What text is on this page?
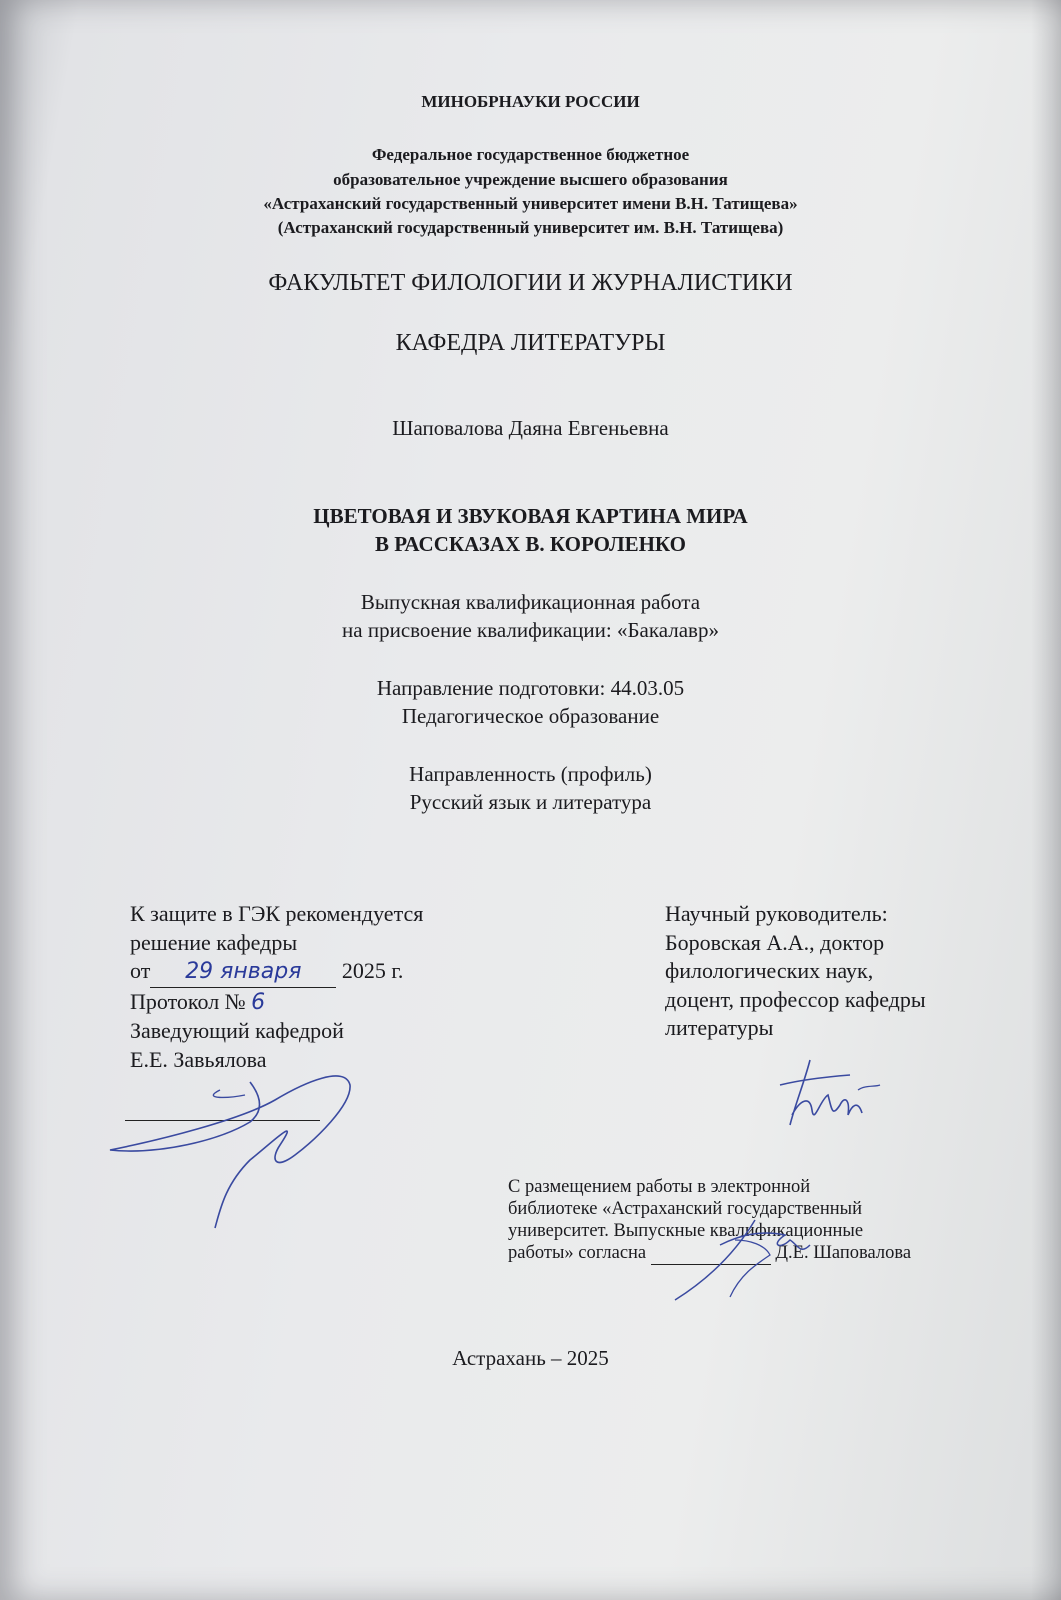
МИНОБРНАУКИ РОССИИ
Федеральное государственное бюджетное
образовательное учреждение высшего образования
«Астраханский государственный университет имени В.Н. Татищева»
(Астраханский государственный университет им. В.Н. Татищева)
ФАКУЛЬТЕТ ФИЛОЛОГИИ И ЖУРНАЛИСТИКИ
КАФЕДРА ЛИТЕРАТУРЫ
Шаповалова Даяна Евгеньевна
ЦВЕТОВАЯ И ЗВУКОВАЯ КАРТИНА МИРА
В РАССКАЗАХ В. КОРОЛЕНКО
Выпускная квалификационная работа
на присвоение квалификации: «Бакалавр»
Направление подготовки: 44.03.05
Педагогическое образование
Направленность (профиль)
Русский язык и литература
К защите в ГЭК рекомендуется
решение кафедры
от 29 января 2025 г.
Протокол № 6
Заведующий кафедрой
Е.Е. Завьялова
Научный руководитель:
Боровская А.А., доктор
филологических наук,
доцент, профессор кафедры
литературы
С размещением работы в электронной
библиотеке «Астраханский государственный
университет. Выпускные квалификационные
работы» согласна	Д.Е. Шаповалова
Астрахань – 2025
